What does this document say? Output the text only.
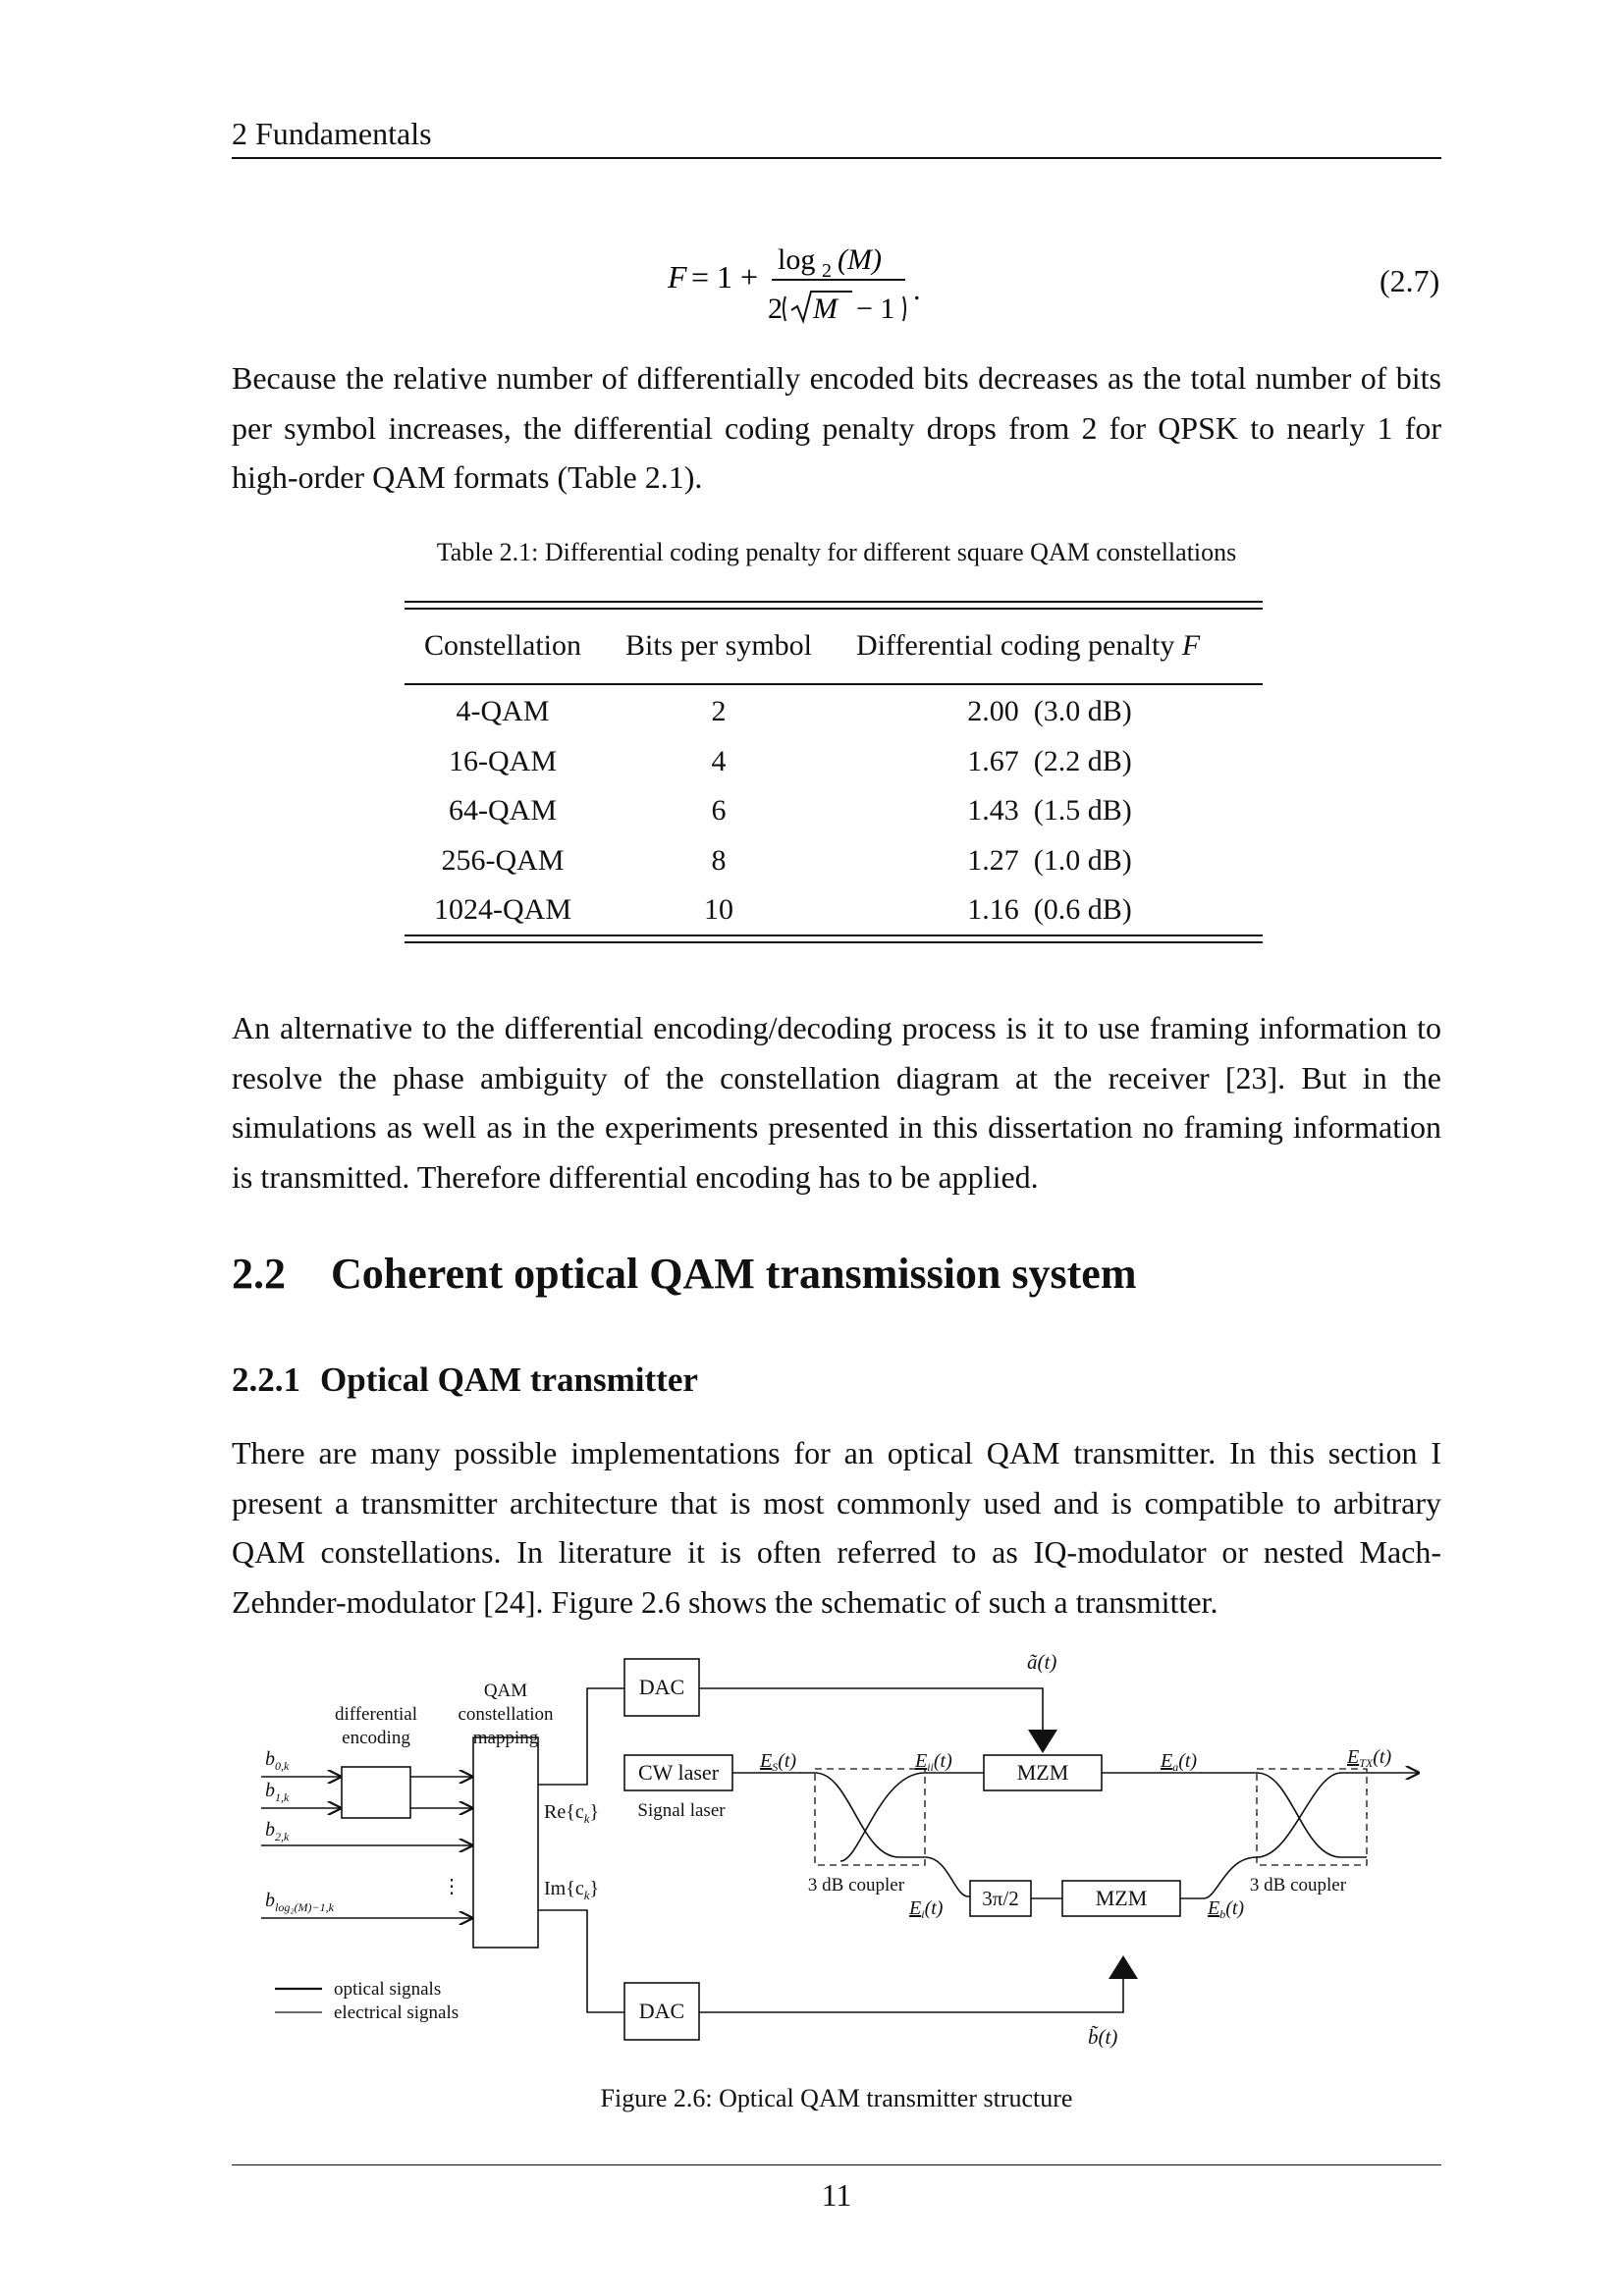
2 Fundamentals
F = 1 + log 2 (M)
2 M − 1
.	(2.7)
Because the relative number of differentially encoded bits decreases as the total number of bits per symbol increases, the differential coding penalty drops from 2 for QPSK to nearly 1 for high-order QAM formats (Table 2.1).
Table 2.1: Differential coding penalty for different square QAM constellations
Constellation	Bits per symbol	Differential coding penalty F

4-QAM	2	2.00 (3.0 dB)
16-QAM	4	1.67 (2.2 dB)
64-QAM	6	1.43 (1.5 dB)
256-QAM	8	1.27 (1.0 dB)
1024-QAM	10	1.16 (0.6 dB)
An alternative to the differential encoding/decoding process is it to use framing information to resolve the phase ambiguity of the constellation diagram at the receiver [23]. But in the simulations as well as in the experiments presented in this dissertation no framing information is transmitted. Therefore differential encoding has to be applied.
2.2 Coherent optical QAM transmission system
2.2.1 Optical QAM transmitter
There are many possible implementations for an optical QAM transmitter. In this section I present a transmitter architecture that is most commonly used and is compatible to arbitrary QAM constellations. In literature it is often referred to as IQ-modulator or nested Mach-Zehnder-modulator [24]. Figure 2.6 shows the schematic of such a transmitter.
QAM
constellation
mapping
differential
encoding
DAC
DAC
CW laser
Signal laser
MZM
MZM
3π/2
3 dB coupler	3 dB coupler
$Re\{c_k\}$
$Im\{c_k\}$
$b_{0,k}$
$b_{1,k}$
$b_{2,k}$
$b_{log_2(M)-1,k}$
⋮
ã(t)
b̃(t)
$E_S(t)$	$E_{ii}(t)$	$E_a(t)$
$E_i(t)$	$E_b(t)$
$E_{TX}(t)$
optical signals
electrical signals
Figure 2.6: Optical QAM transmitter structure
11
